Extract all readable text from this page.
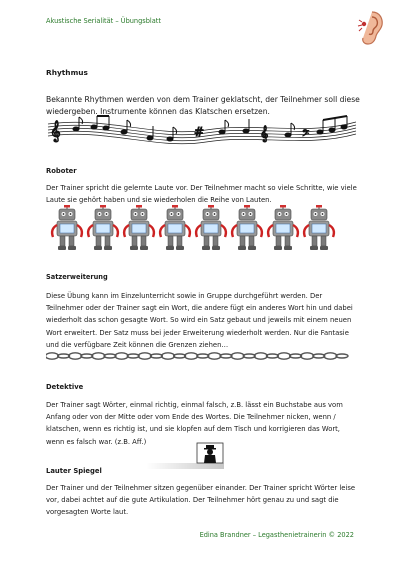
Akustische Serialität – Übungsblatt
Rhythmus
Bekannte Rhythmen werden von dem Trainer geklatscht, der Teilnehmer soll diese wiedergeben. Instrumente können das Klatschen ersetzen.
𝄞	#	𝄞	𝄢
Roboter
Der Trainer spricht die gelernte Laute vor. Der Teilnehmer macht so viele Schritte, wie viele Laute sie gehört haben und sie wiederholen die Reihe von Lauten.
Satzerweiterung
Diese Übung kann im Einzelunterricht sowie in Gruppe durchgeführt werden. Der Teilnehmer oder der Trainer sagt ein Wort, die andere fügt ein anderes Wort hin und dabei wiederholt das schon gesagte Wort. So wird ein Satz gebaut und jeweils mit einem neuen Wort erweitert. Der Satz muss bei jeder Erweiterung wiederholt werden. Nur die Fantasie und die verfügbare Zeit können die Grenzen ziehen…
Detektive
Der Trainer sagt Wörter, einmal richtig, einmal falsch, z.B. lässt ein Buchstabe aus vom Anfang oder von der Mitte oder vom Ende des Wortes. Die Teilnehmer nicken, wenn / klatschen, wenn es richtig ist, und sie klopfen auf dem Tisch und korrigieren das Wort, wenn es falsch war. (z.B. Aff.)
Lauter Spiegel
Der Trainer und der Teilnehmer sitzen gegenüber einander. Der Trainer spricht Wörter leise vor, dabei achtet auf die gute Artikulation. Der Teilnehmer hört genau zu und sagt die vorgesagten Worte laut.
Edina Brandner – Legasthenietrainerin © 2022
